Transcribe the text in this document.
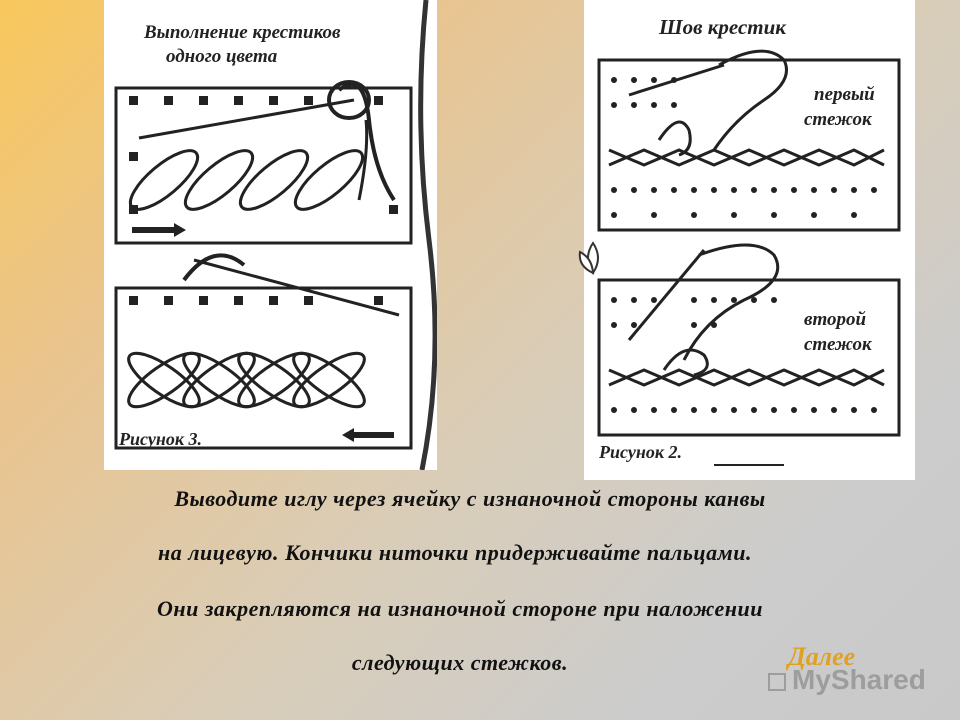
Выполнение крестиков
одного цвета
Рисунок 3.
Шов крестик
первый
стежок
второй
стежок
Рисунок 2.
Выводите иглу через ячейку с изнаночной стороны канвы
на лицевую. Кончики ниточки придерживайте пальцами.
Они закрепляются на изнаночной стороне при наложении
следующих стежков.
MyShared
Далее
